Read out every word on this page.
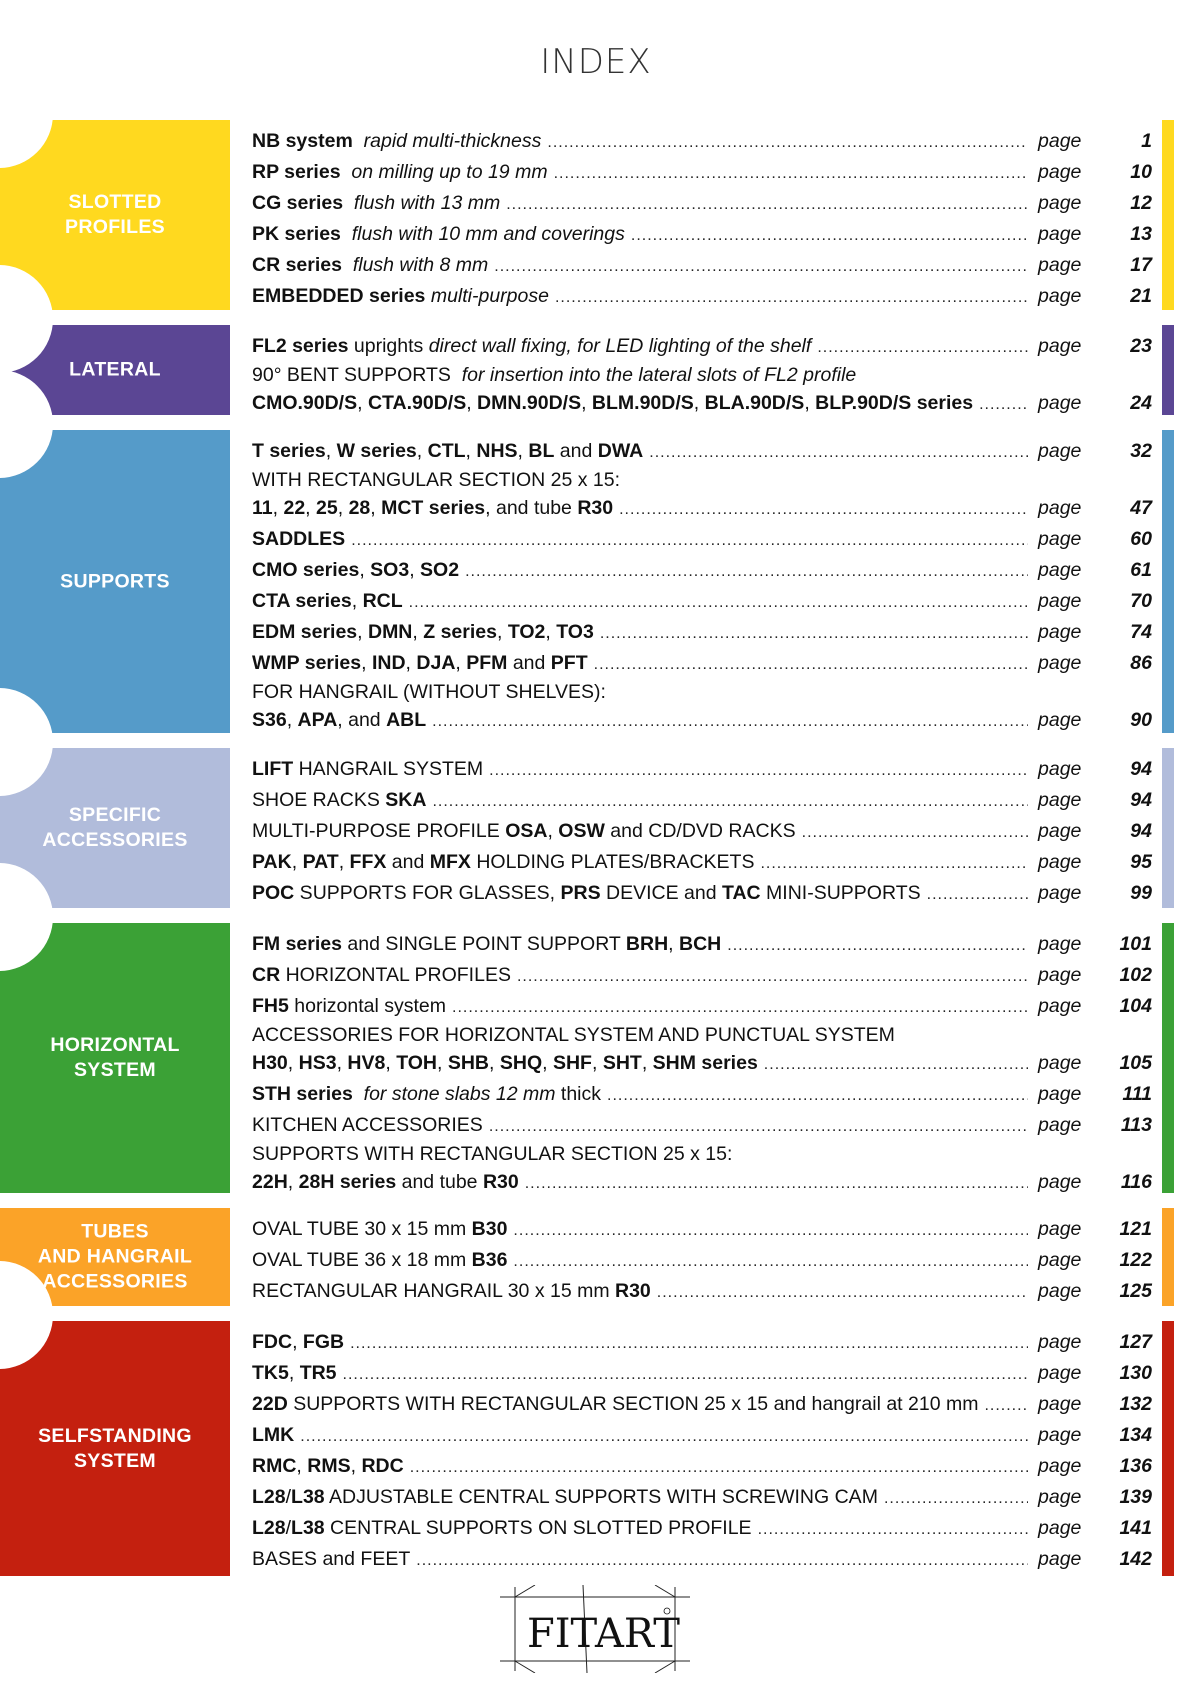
INDEX
SLOTTED
PROFILES
NB system rapid multi-thickness .....	page	1
RP series on milling up to 19 mm .....	page	10
CG series flush with 13 mm .....	page	12
PK series flush with 10 mm and coverings .....	page	13
CR series flush with 8 mm .....	page	17
EMBEDDED series multi-purpose .....	page	21
LATERAL
FL2 series uprights direct wall fixing, for LED lighting of the shelf .....	page	23
90° BENT SUPPORTS  for insertion into the lateral slots of FL2 profile
CMO.90D/S, CTA.90D/S, DMN.90D/S, BLM.90D/S, BLA.90D/S, BLP.90D/S series .....	page	24
SUPPORTS
T series, W series, CTL, NHS, BL and DWA .....	page	32
WITH RECTANGULAR SECTION 25 x 15:
11, 22, 25, 28, MCT series, and tube R30 .....	page	47
SADDLES .....	page	60
CMO series, SO3, SO2 .....	page	61
CTA series, RCL .....	page	70
EDM series, DMN, Z series, TO2, TO3 .....	page	74
WMP series, IND, DJA, PFM and PFT .....	page	86
FOR HANGRAIL (WITHOUT SHELVES):
S36, APA, and ABL .....	page	90
SPECIFIC
ACCESSORIES
LIFT HANGRAIL SYSTEM .....	page	94
SHOE RACKS SKA .....	page	94
MULTI-PURPOSE PROFILE OSA, OSW and CD/DVD RACKS .....	page	94
PAK, PAT, FFX and MFX HOLDING PLATES/BRACKETS .....	page	95
POC SUPPORTS FOR GLASSES, PRS DEVICE and TAC MINI-SUPPORTS .....	page	99
HORIZONTAL
SYSTEM
FM series and SINGLE POINT SUPPORT BRH, BCH .....	page 101
CR HORIZONTAL PROFILES .....	page 102
FH5 horizontal system .....	page 104
ACCESSORIES FOR HORIZONTAL SYSTEM AND PUNCTUAL SYSTEM
H30, HS3, HV8, TOH, SHB, SHQ, SHF, SHT, SHM series .....	page 105
STH series for stone slabs 12 mm thick .....	page 111
KITCHEN ACCESSORIES .....	page 113
SUPPORTS WITH RECTANGULAR SECTION 25 x 15:
22H, 28H series and tube R30 .....	page 116
TUBES
AND HANGRAIL
ACCESSORIES
OVAL TUBE 30 x 15 mm B30 .....	page 121
OVAL TUBE 36 x 18 mm B36 .....	page 122
RECTANGULAR HANGRAIL 30 x 15 mm R30 .....	page 125
SELFSTANDING
SYSTEM
FDC, FGB .....	page 127
TK5, TR5 .....	page 130
22D SUPPORTS WITH RECTANGULAR SECTION 25 x 15 and hangrail at 210 mm .....	page 132
LMK .....	page 134
RMC, RMS, RDC .....	page 136
L28/L38 ADJUSTABLE CENTRAL SUPPORTS WITH SCREWING CAM .....	page 139
L28/L38 CENTRAL SUPPORTS ON SLOTTED PROFILE .....	page 141
BASES and FEET .....	page 142
FIT
ART
